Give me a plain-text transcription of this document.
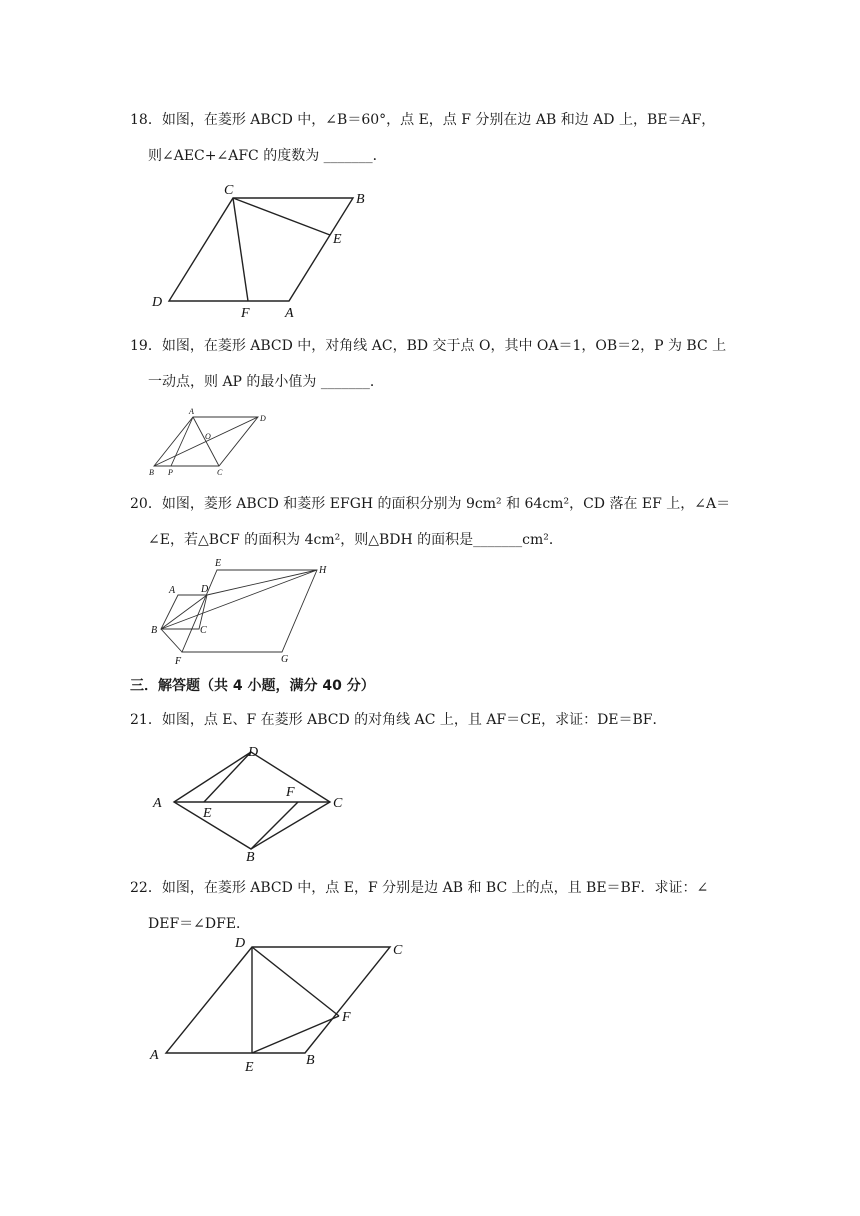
18．如图，在菱形 ABCD 中，∠B＝60°，点 E，点 F 分别在边 AB 和边 AD 上，BE＝AF，
则∠AEC+∠AFC 的度数为 _______．
C
B
E
D
F	A
19．如图，在菱形 ABCD 中，对角线 AC，BD 交于点 O，其中 OA＝1，OB＝2，P 为 BC 上
一动点，则 AP 的最小值为 _______．
A
D
O
B P	C
20．如图，菱形 ABCD 和菱形 EFGH 的面积分别为 9cm² 和 64cm²，CD 落在 EF 上，∠A＝
∠E，若△BCF 的面积为 4cm²，则△BDH 的面积是_______cm²．
E
H
A	D
B	C
F	G
三．解答题（共 4 小题，满分 40 分）
21．如图，点 E、F 在菱形 ABCD 的对角线 AC 上，且 AF＝CE，求证：DE＝BF．
D
A
F
C
E
B
22．如图，在菱形 ABCD 中，点 E，F 分别是边 AB 和 BC 上的点，且 BE＝BF．求证：∠
DEF＝∠DFE．
D	C
F
A
E	B
